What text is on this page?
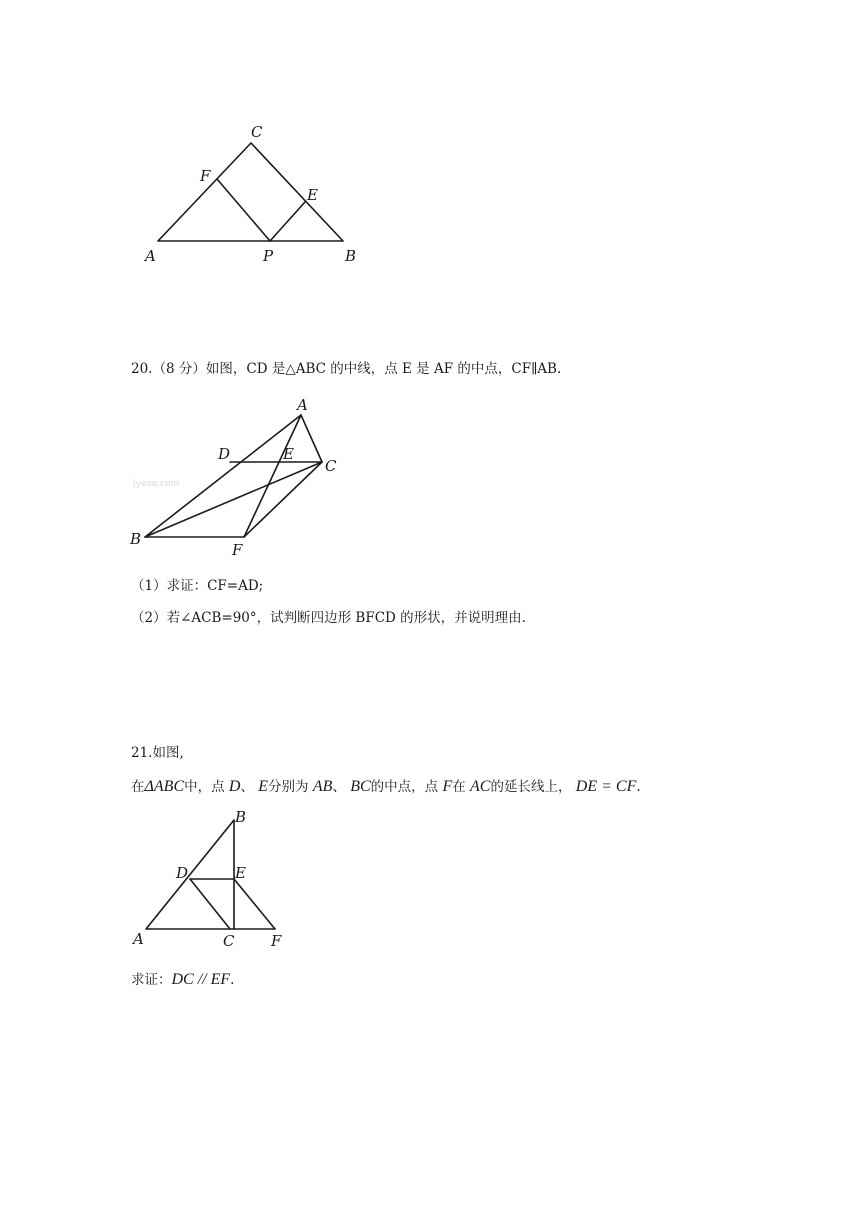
C
F
E
A	P	B
20.（8 分）如图，CD 是△ABC 的中线，点 E 是 AF 的中点，CF∥AB.
jyeoo.com
A
D	E
C
B
F
（1）求证：CF=AD;
（2）若∠ACB=90°，试判断四边形 BFCD 的形状，并说明理由.
21.如图,
在ΔABC中，点 D、 E分别为 AB、 BC的中点，点 F在 AC的延长线上， DE = CF.
B
D	E
A	C F
求证：DC // EF.
